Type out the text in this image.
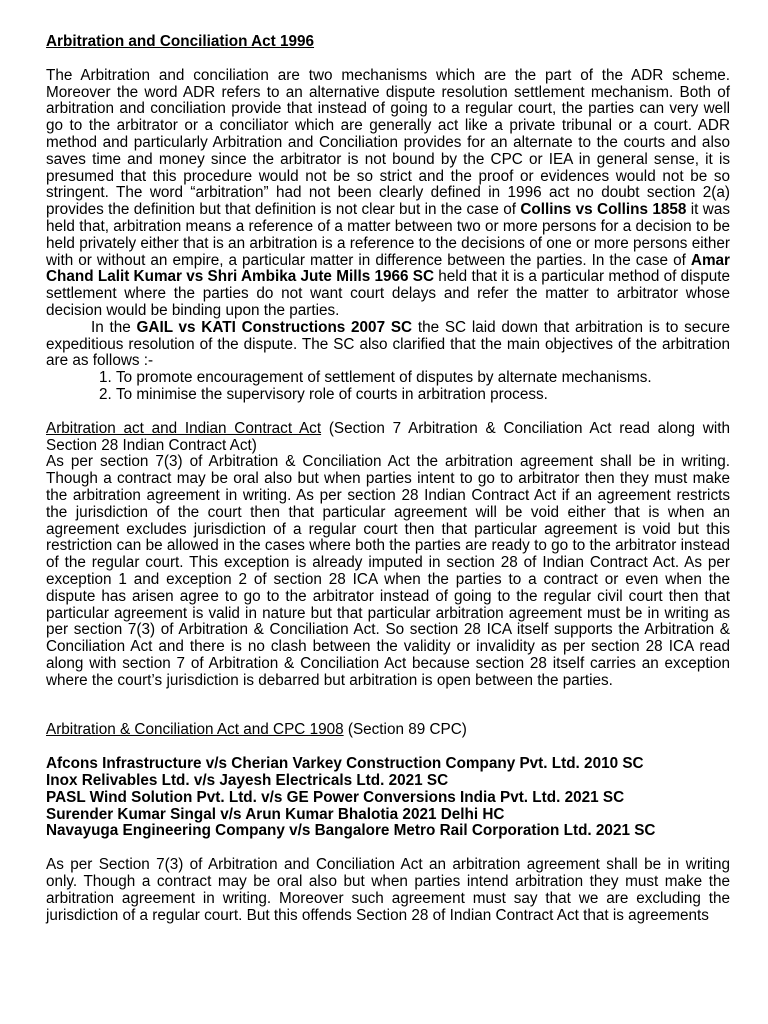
Arbitration and Conciliation Act 1996

The Arbitration and conciliation are two mechanisms which are the part of the ADR scheme. Moreover the word ADR refers to an alternative dispute resolution settlement mechanism. Both of arbitration and conciliation provide that instead of going to a regular court, the parties can very well go to the arbitrator or a conciliator which are generally act like a private tribunal or a court. ADR method and particularly Arbitration and Conciliation provides for an alternate to the courts and also saves time and money since the arbitrator is not bound by the CPC or IEA in general sense, it is presumed that this procedure would not be so strict and the proof or evidences would not be so stringent. The word “arbitration” had not been clearly defined in 1996 act no doubt section 2(a) provides the definition but that definition is not clear but in the case of Collins vs Collins 1858 it was held that, arbitration means a reference of a matter between two or more persons for a decision to be held privately either that is an arbitration is a reference to the decisions of one or more persons either with or without an empire, a particular matter in difference between the parties. In the case of Amar Chand Lalit Kumar vs Shri Ambika Jute Mills 1966 SC held that it is a particular method of dispute settlement where the parties do not want court delays and refer the matter to arbitrator whose decision would be binding upon the parties.

In the GAIL vs KATI Constructions 2007 SC the SC laid down that arbitration is to secure expeditious resolution of the dispute. The SC also clarified that the main objectives of the arbitration are as follows :-

1. To promote encouragement of settlement of disputes by alternate mechanisms.
2. To minimise the supervisory role of courts in arbitration process.

Arbitration act and Indian Contract Act (Section 7 Arbitration & Conciliation Act read along with Section 28 Indian Contract Act)

As per section 7(3) of Arbitration & Conciliation Act the arbitration agreement shall be in writing. Though a contract may be oral also but when parties intent to go to arbitrator then they must make the arbitration agreement in writing. As per section 28 Indian Contract Act if an agreement restricts the jurisdiction of the court then that particular agreement will be void either that is when an agreement excludes jurisdiction of a regular court then that particular agreement is void but this restriction can be allowed in the cases where both the parties are ready to go to the arbitrator instead of the regular court. This exception is already imputed in section 28 of Indian Contract Act. As per exception 1 and exception 2 of section 28 ICA when the parties to a contract or even when the dispute has arisen agree to go to the arbitrator instead of going to the regular civil court then that particular agreement is valid in nature but that particular arbitration agreement must be in writing as per section 7(3) of Arbitration & Conciliation Act. So section 28 ICA itself supports the Arbitration & Conciliation Act and there is no clash between the validity or invalidity as per section 28 ICA read along with section 7 of Arbitration & Conciliation Act because section 28 itself carries an exception where the court’s jurisdiction is debarred but arbitration is open between the parties.

Arbitration & Conciliation Act and CPC 1908 (Section 89 CPC)

Afcons Infrastructure v/s Cherian Varkey Construction Company Pvt. Ltd. 2010 SC

Inox Relivables Ltd. v/s Jayesh Electricals Ltd. 2021 SC

PASL Wind Solution Pvt. Ltd. v/s GE Power Conversions India Pvt. Ltd. 2021 SC

Surender Kumar Singal v/s Arun Kumar Bhalotia 2021 Delhi HC

Navayuga Engineering Company v/s Bangalore Metro Rail Corporation Ltd. 2021 SC

As per Section 7(3) of Arbitration and Conciliation Act an arbitration agreement shall be in writing only. Though a contract may be oral also but when parties intend arbitration they must make the arbitration agreement in writing. Moreover such agreement must say that we are excluding the jurisdiction of a regular court. But this offends Section 28 of Indian Contract Act that is agreements
